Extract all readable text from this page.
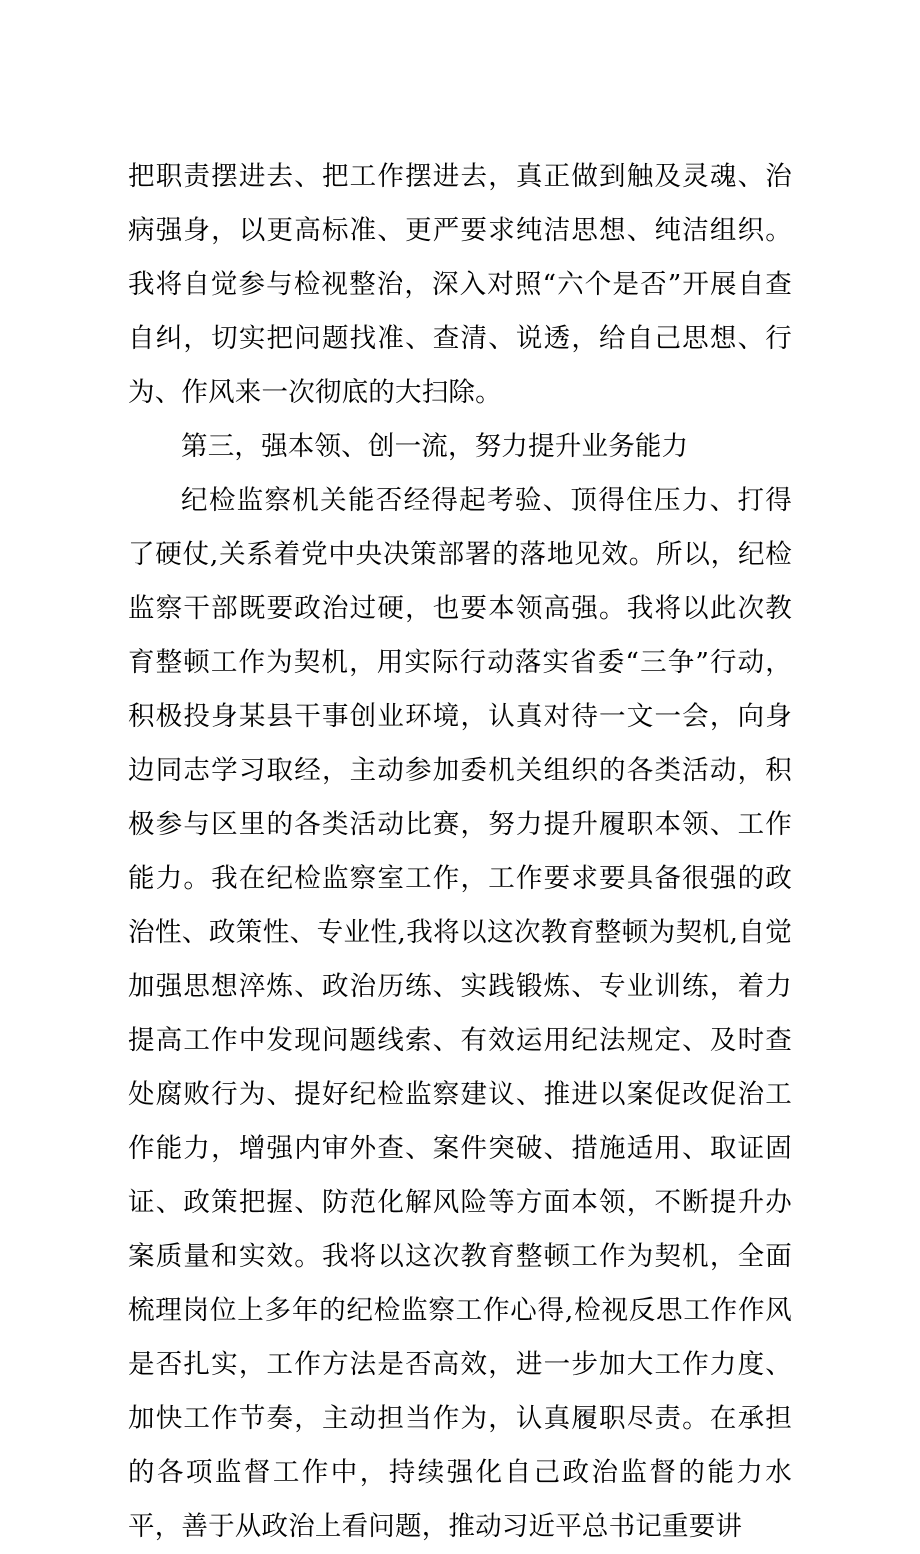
把职责摆进去、把工作摆进去，真正做到触及灵魂、治病强身，以更高标准、更严要求纯洁思想、纯洁组织。我将自觉参与检视整治，深入对照“六个是否”开展自查自纠，切实把问题找准、查清、说透，给自己思想、行为、作风来一次彻底的大扫除。

第三，强本领、创一流，努力提升业务能力

纪检监察机关能否经得起考验、顶得住压力、打得了硬仗,关系着党中央决策部署的落地见效。所以，纪检监察干部既要政治过硬，也要本领高强。我将以此次教育整顿工作为契机，用实际行动落实省委“三争”行动，积极投身某县干事创业环境，认真对待一文一会，向身边同志学习取经，主动参加委机关组织的各类活动，积极参与区里的各类活动比赛，努力提升履职本领、工作能力。我在纪检监察室工作，工作要求要具备很强的政治性、政策性、专业性,我将以这次教育整顿为契机,自觉加强思想淬炼、政治历练、实践锻炼、专业训练，着力提高工作中发现问题线索、有效运用纪法规定、及时查处腐败行为、提好纪检监察建议、推进以案促改促治工作能力，增强内审外查、案件突破、措施适用、取证固证、政策把握、防范化解风险等方面本领，不断提升办案质量和实效。我将以这次教育整顿工作为契机，全面梳理岗位上多年的纪检监察工作心得,检视反思工作作风是否扎实，工作方法是否高效，进一步加大工作力度、加快工作节奏，主动担当作为，认真履职尽责。在承担的各项监督工作中，持续强化自己政治监督的能力水平，善于从政治上看问题，推动习近平总书记重要讲
